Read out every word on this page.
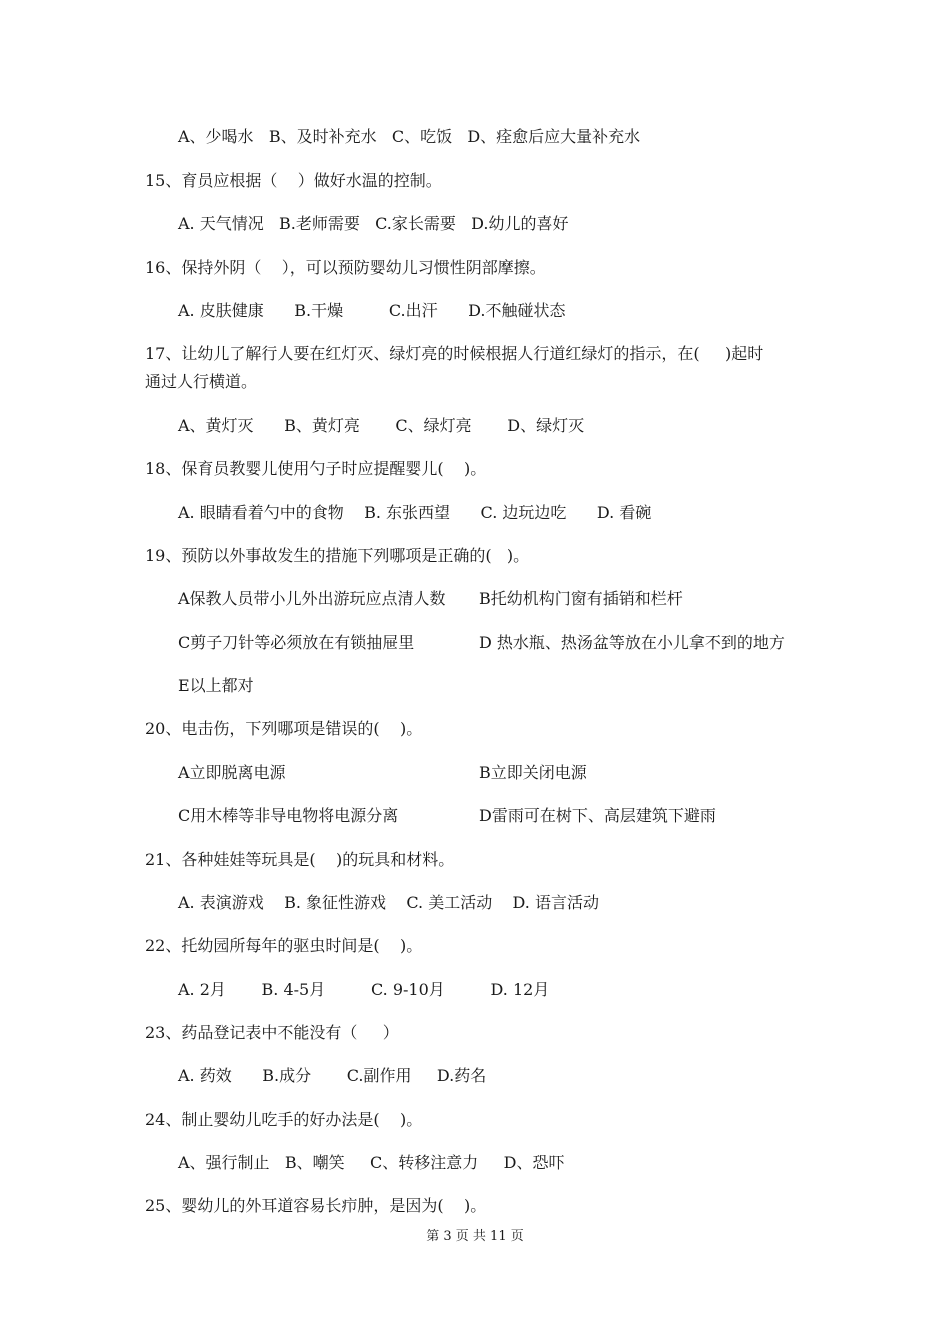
A、少喝水   B、及时补充水   C、吃饭   D、痊愈后应大量补充水
15、育员应根据（    ）做好水温的控制。
A. 天气情况   B.老师需要   C.家长需要   D.幼儿的喜好
16、保持外阴（    ），可以预防婴幼儿习惯性阴部摩擦。
A. 皮肤健康      B.干燥         C.出汗      D.不触碰状态
17、让幼儿了解行人要在红灯灭、绿灯亮的时候根据人行道红绿灯的指示，在(     )起时
通过人行横道。
A、黄灯灭      B、黄灯亮       C、绿灯亮       D、绿灯灭
18、保育员教婴儿使用勺子时应提醒婴儿(    )。
A. 眼睛看着勺中的食物    B. 东张西望      C. 边玩边吃      D. 看碗
19、预防以外事故发生的措施下列哪项是正确的(   )。
A保教人员带小儿外出游玩应点清人数 B托幼机构门窗有插销和栏杆
C剪子刀针等必须放在有锁抽屉里	D 热水瓶、热汤盆等放在小儿拿不到的地方
E以上都对
20、电击伤，下列哪项是错误的(    )。
A立即脱离电源	B立即关闭电源
C用木棒等非导电物将电源分离	D雷雨可在树下、高层建筑下避雨
21、各种娃娃等玩具是(    )的玩具和材料。
A. 表演游戏    B. 象征性游戏    C. 美工活动    D. 语言活动
22、托幼园所每年的驱虫时间是(    )。
A. 2月       B. 4-5月         C. 9-10月         D. 12月
23、药品登记表中不能没有（     ）
A. 药效      B.成分       C.副作用     D.药名
24、制止婴幼儿吃手的好办法是(    )。
A、强行制止   B、嘲笑     C、转移注意力     D、恐吓
25、婴幼儿的外耳道容易长疖肿，是因为(    )。
第 3 页 共 11 页
